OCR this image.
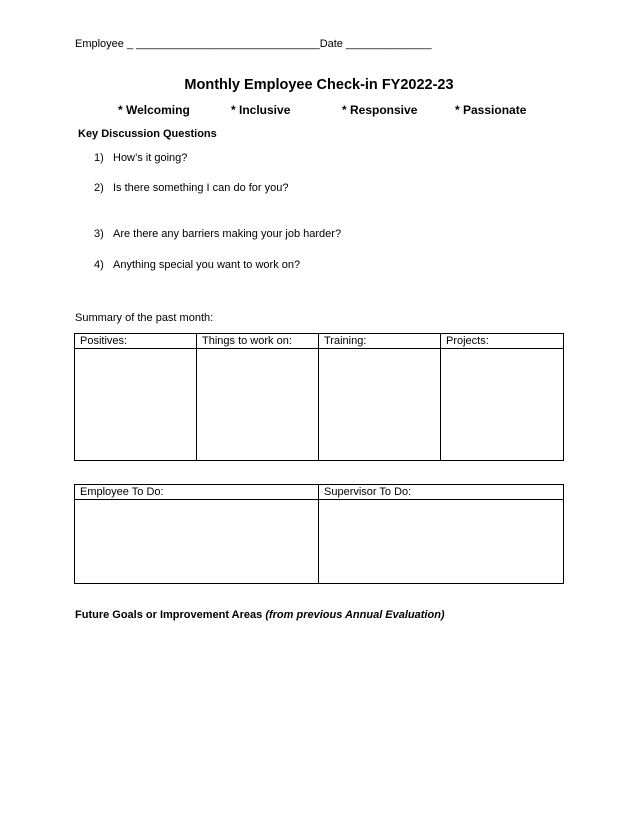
Employee _ ______________________________Date ______________
Monthly Employee Check-in FY2022-23
* Welcoming	* Inclusive	* Responsive	* Passionate
Key Discussion Questions
1) How’s it going?
2) Is there something I can do for you?
3) Are there any barriers making your job harder?
4) Anything special you want to work on?
Summary of the past month:
Positives:	Things to work on:	Training:	Projects:

Employee To Do:	Supervisor To Do:

Future Goals or Improvement Areas (from previous Annual Evaluation)
